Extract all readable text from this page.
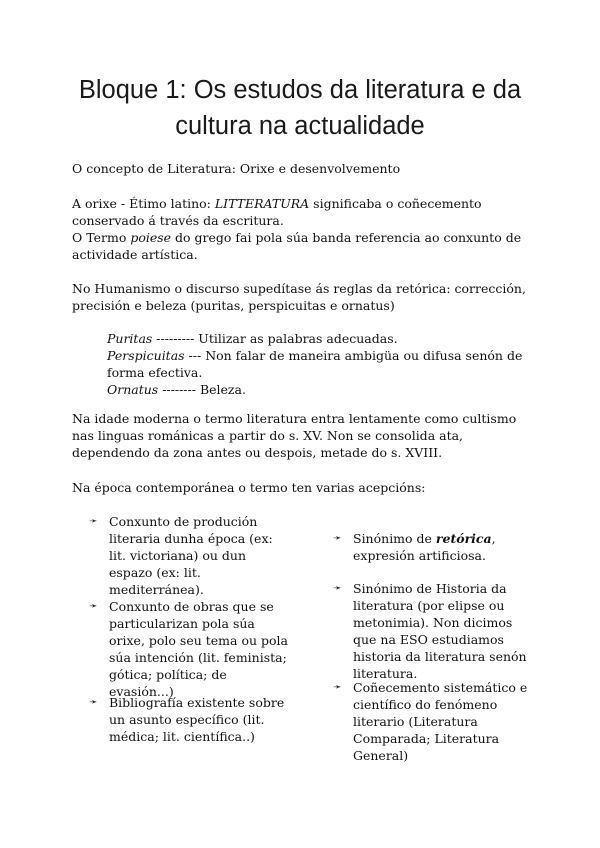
Bloque 1: Os estudos da literatura e da cultura na actualidade

O concepto de Literatura: Orixe e desenvolvemento

A orixe - Étimo latino: LITTERATURA significaba o coñecemento conservado á través da escritura.

O Termo poiese do grego fai pola súa banda referencia ao conxunto de actividade artística.

No Humanismo o discurso supedítase ás reglas da retórica: corrección, precisión e beleza (puritas, perspicuitas e ornatus)

Puritas --------- Utilizar as palabras adecuadas.
Perspicuitas --- Non falar de maneira ambigüa ou difusa senón de forma efectiva.
Ornatus -------- Beleza.

Na idade moderna o termo literatura entra lentamente como cultismo nas linguas románicas a partir do s. XV. Non se consolida ata, dependendo da zona antes ou despois, metade do s. XVIII.

Na época contemporánea o termo ten varias acepcións:

➛ Conxunto de produción literaria dunha época (ex: lit. victoriana) ou dun espazo (ex: lit. mediterránea).
➛ Conxunto de obras que se particularizan pola súa orixe, polo seu tema ou pola súa intención (lit. feminista; gótica; política; de evasión...)
➛ Bibliografía existente sobre un asunto específico (lit. médica; lit. científica..)
➛ Sinónimo de retórica, expresión artificiosa.
➛ Sinónimo de Historia da literatura (por elipse ou metonimia). Non dicimos que na ESO estudiamos historia da literatura senón literatura.
➛ Coñecemento sistemático e científico do fenómeno literario (Literatura Comparada; Literatura General)
